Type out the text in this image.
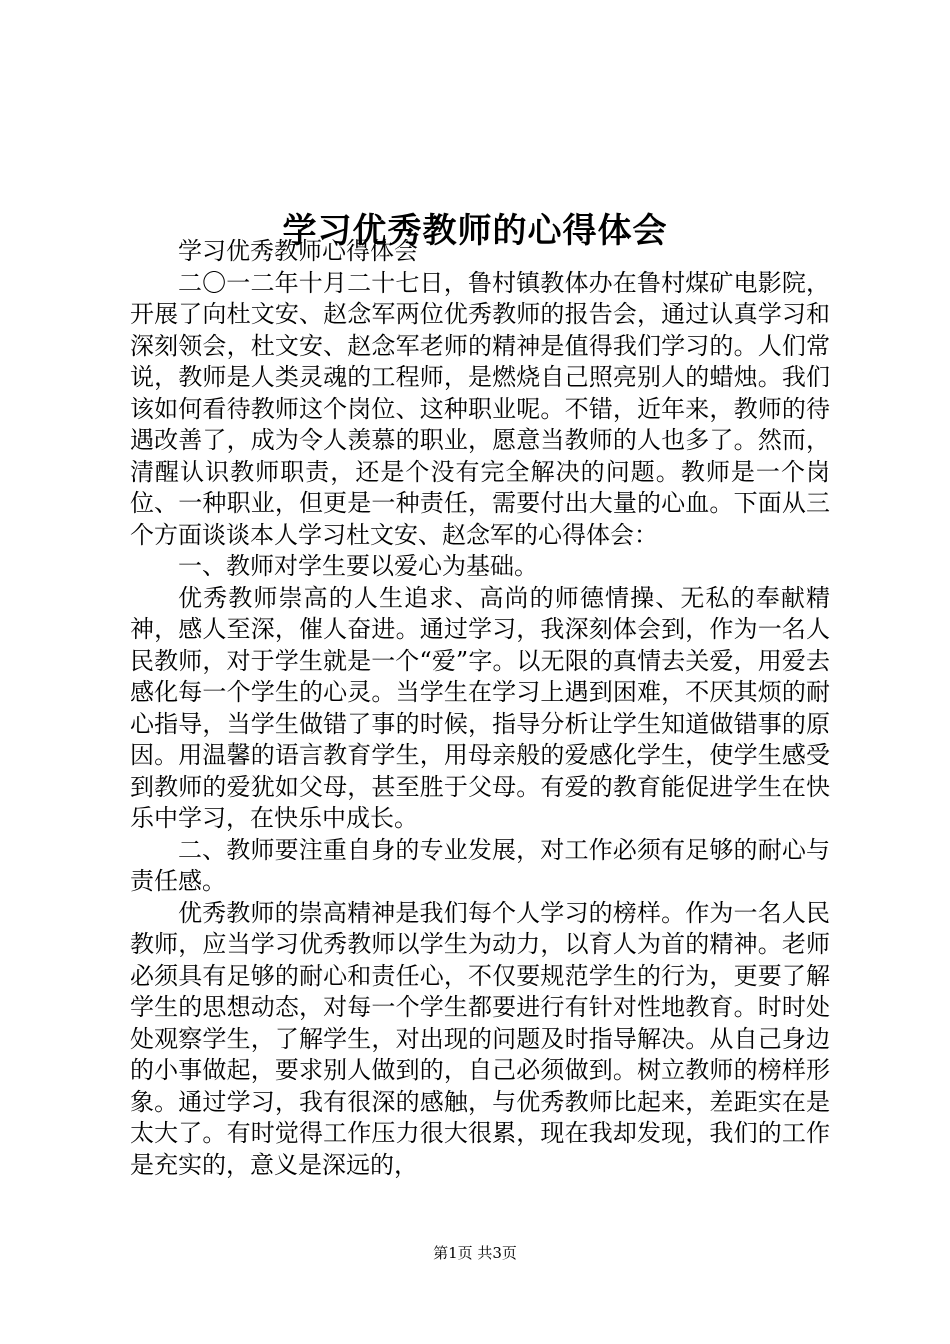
学习优秀教师的心得体会

学习优秀教师心得体会

二〇一二年十月二十七日，鲁村镇教体办在鲁村煤矿电影院，开展了向杜文安、赵念军两位优秀教师的报告会，通过认真学习和深刻领会，杜文安、赵念军老师的精神是值得我们学习的。人们常说，教师是人类灵魂的工程师，是燃烧自己照亮别人的蜡烛。我们该如何看待教师这个岗位、这种职业呢。不错，近年来，教师的待遇改善了，成为令人羡慕的职业，愿意当教师的人也多了。然而，清醒认识教师职责，还是个没有完全解决的问题。教师是一个岗位、一种职业，但更是一种责任，需要付出大量的心血。下面从三个方面谈谈本人学习杜文安、赵念军的心得体会：

一、教师对学生要以爱心为基础。

优秀教师崇高的人生追求、高尚的师德情操、无私的奉献精神，感人至深，催人奋进。通过学习，我深刻体会到，作为一名人民教师，对于学生就是一个“爱”字。以无限的真情去关爱，用爱去感化每一个学生的心灵。当学生在学习上遇到困难，不厌其烦的耐心指导，当学生做错了事的时候，指导分析让学生知道做错事的原因。用温馨的语言教育学生，用母亲般的爱感化学生，使学生感受到教师的爱犹如父母，甚至胜于父母。有爱的教育能促进学生在快乐中学习，在快乐中成长。

二、教师要注重自身的专业发展，对工作必须有足够的耐心与责任感。

优秀教师的崇高精神是我们每个人学习的榜样。作为一名人民教师，应当学习优秀教师以学生为动力，以育人为首的精神。老师必须具有足够的耐心和责任心，不仅要规范学生的行为，更要了解学生的思想动态，对每一个学生都要进行有针对性地教育。时时处处观察学生，了解学生，对出现的问题及时指导解决。从自己身边的小事做起，要求别人做到的，自己必须做到。树立教师的榜样形象。通过学习，我有很深的感触，与优秀教师比起来，差距实在是太大了。有时觉得工作压力很大很累，现在我却发现，我们的工作是充实的，意义是深远的，

第1页 共3页
